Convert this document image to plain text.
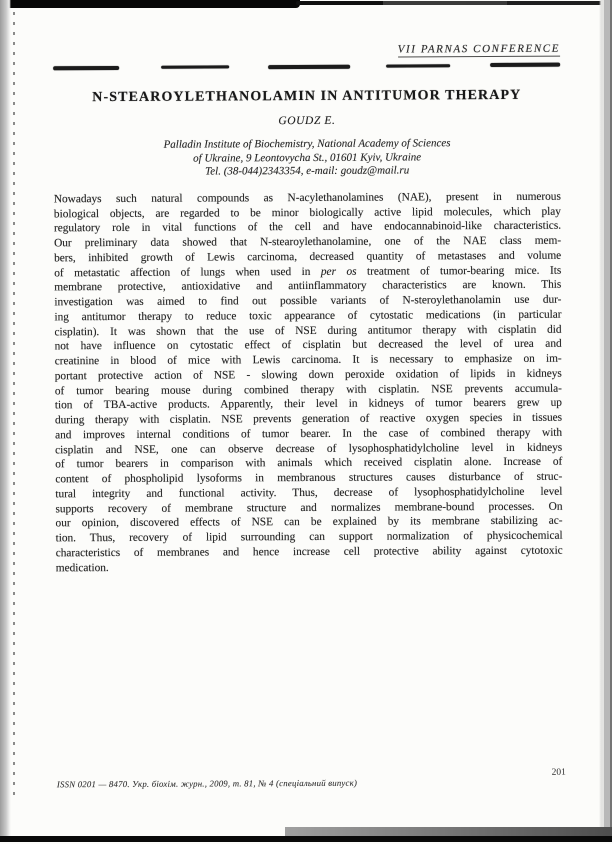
VII PARNAS CONFERENCE
N-STEAROYLETHANOLAMIN IN ANTITUMOR THERAPY
GOUDZ E.
Palladin Institute of Biochemistry, National Academy of Sciences
of Ukraine, 9 Leontovycha St., 01601 Kyiv, Ukraine
Tel. (38-044)2343354, e-mail: goudz@mail.ru
Nowadays such natural compounds as N-acylethanolamines (NAE), present in numerous
biological objects, are regarded to be minor biologically active lipid molecules, which play
regulatory role in vital functions of the cell and have endocannabinoid-like characteristics.
Our preliminary data showed that N-stearoylethanolamine, one of the NAE class mem-
bers, inhibited growth of Lewis carcinoma, decreased quantity of metastases and volume
of metastatic affection of lungs when used in per os treatment of tumor-bearing mice. Its
membrane protective, antioxidative and antiinflammatory characteristics are known. This
investigation was aimed to find out possible variants of N-steroylethanolamin use dur-
ing antitumor therapy to reduce toxic appearance of cytostatic medications (in particular
cisplatin). It was shown that the use of NSE during antitumor therapy with cisplatin did
not have influence on cytostatic effect of cisplatin but decreased the level of urea and
creatinine in blood of mice with Lewis carcinoma. It is necessary to emphasize on im-
portant protective action of NSE - slowing down peroxide oxidation of lipids in kidneys
of tumor bearing mouse during combined therapy with cisplatin. NSE prevents accumula-
tion of TBA-active products. Apparently, their level in kidneys of tumor bearers grew up
during therapy with cisplatin. NSE prevents generation of reactive oxygen species in tissues
and improves internal conditions of tumor bearer. In the case of combined therapy with
cisplatin and NSE, one can observe decrease of lysophosphatidylcholine level in kidneys
of tumor bearers in comparison with animals which received cisplatin alone. Increase of
content of phospholipid lysoforms in membranous structures causes disturbance of struc-
tural integrity and functional activity. Thus, decrease of lysophosphatidylcholine level
supports recovery of membrane structure and normalizes membrane-bound processes. On
our opinion, discovered effects of NSE can be explained by its membrane stabilizing ac-
tion. Thus, recovery of lipid surrounding can support normalization of physicochemical
characteristics of membranes and hence increase cell protective ability against cytotoxic
medication.
ISSN 0201 — 8470. Укр. біохім. журн., 2009, т. 81, № 4 (спеціальний випуск)
201
